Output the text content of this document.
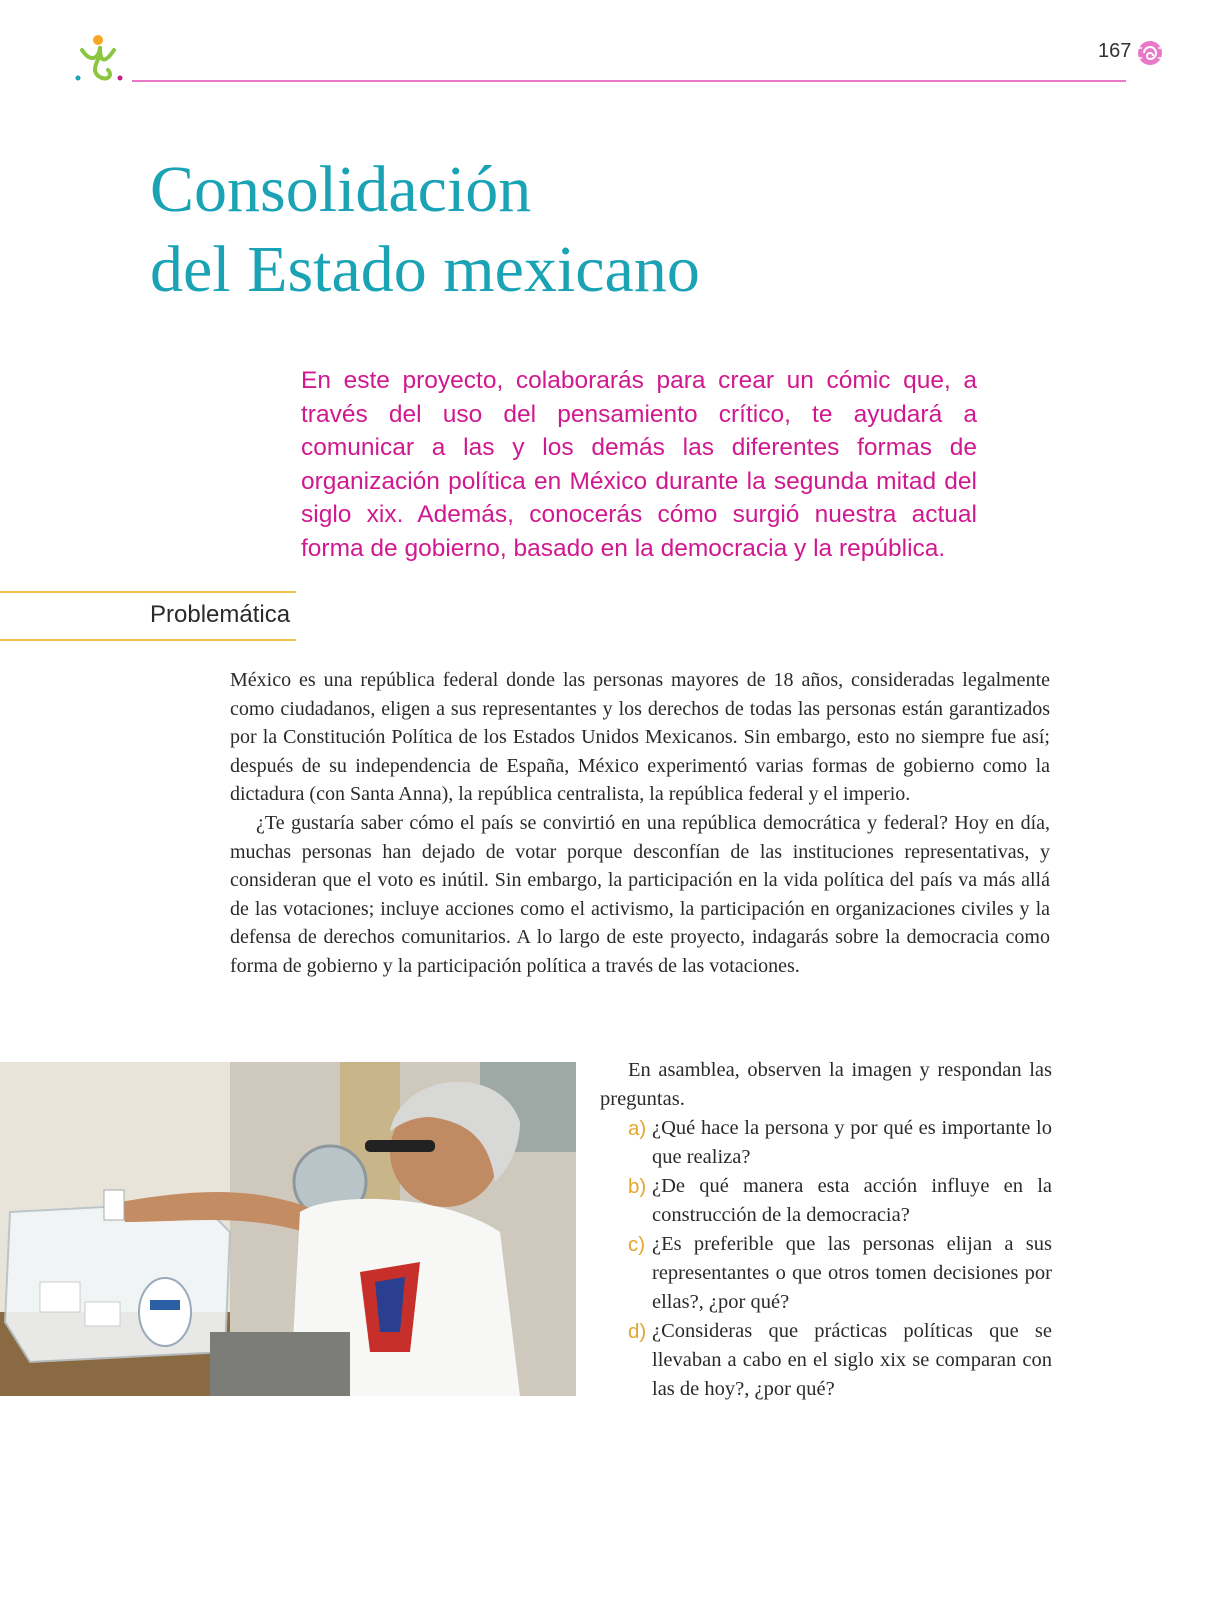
167
Consolidación
del Estado mexicano

En este proyecto, colaborarás para crear un cómic que, a través del uso del pensamiento crítico, te ayudará a comunicar a las y los demás las diferentes formas de organización política en México durante la segunda mitad del siglo xix. Además, conocerás cómo surgió nuestra actual forma de gobierno, basado en la democracia y la república.

Problemática

México es una república federal donde las personas mayores de 18 años, consideradas legalmente como ciudadanos, eligen a sus representantes y los derechos de todas las personas están garantizados por la Constitución Política de los Estados Unidos Mexicanos. Sin embargo, esto no siempre fue así; después de su independencia de España, México experimentó varias formas de gobierno como la dictadura (con Santa Anna), la república centralista, la república federal y el imperio.

¿Te gustaría saber cómo el país se convirtió en una república democrática y federal? Hoy en día, muchas personas han dejado de votar porque desconfían de las instituciones representativas, y consideran que el voto es inútil. Sin embargo, la participación en la vida política del país va más allá de las votaciones; incluye acciones como el activismo, la participación en organizaciones civiles y la defensa de derechos comunitarios. A lo largo de este proyecto, indagarás sobre la democracia como forma de gobierno y la participación política a través de las votaciones.

En asamblea, observen la imagen y respondan las preguntas.

a) ¿Qué hace la persona y por qué es importante lo que realiza?
b) ¿De qué manera esta acción influye en la construcción de la democracia?
c) ¿Es preferible que las personas elijan a sus representantes o que otros tomen decisiones por ellas?, ¿por qué?
d) ¿Consideras que prácticas políticas que se llevaban a cabo en el siglo xix se comparan con las de hoy?, ¿por qué?
